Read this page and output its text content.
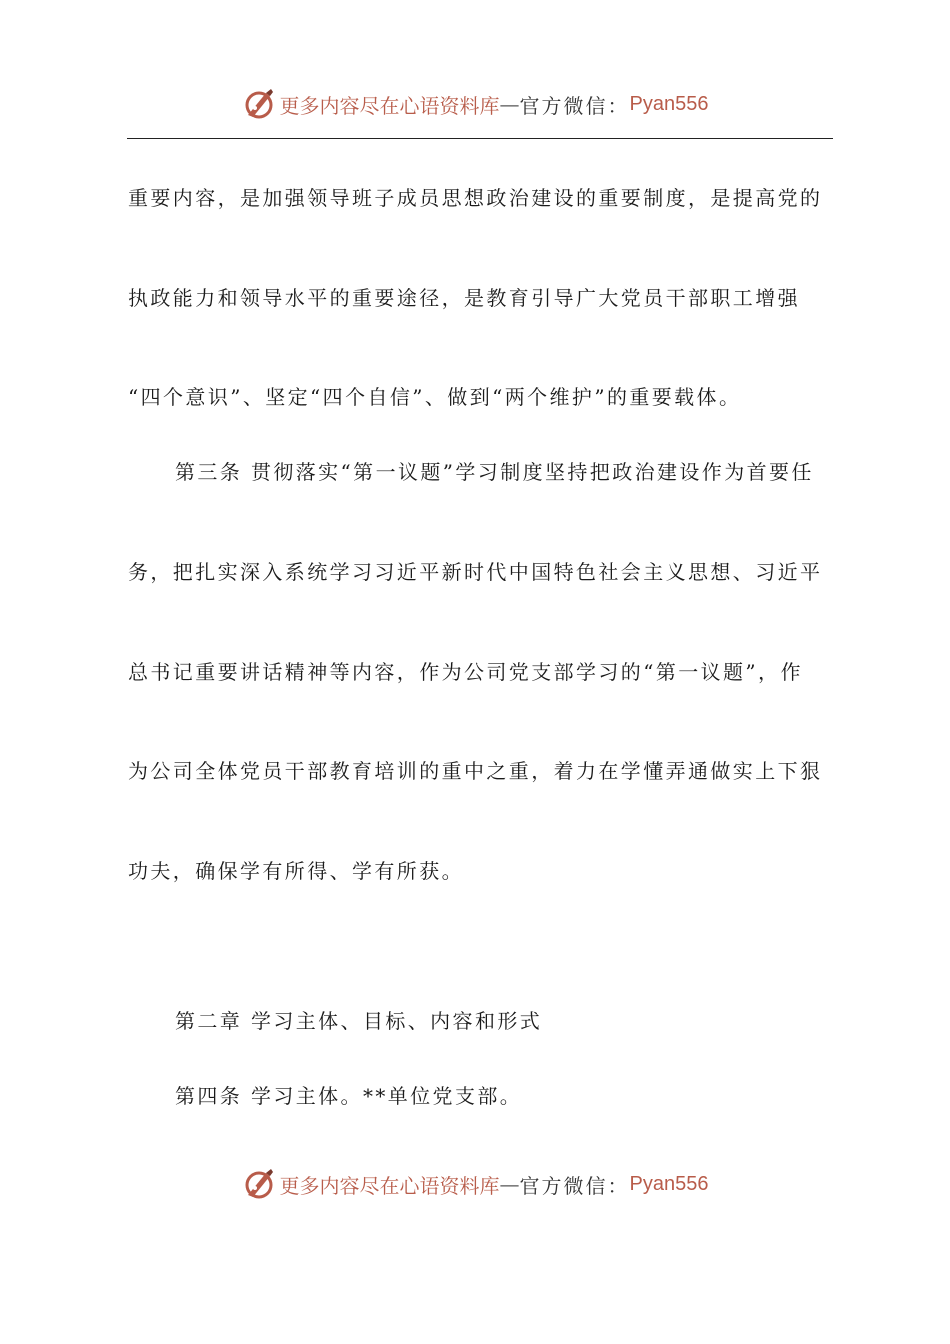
更多内容尽在心语资料库 — 官方微信： Pyan556
重要内容，是加强领导班子成员思想政治建设的重要制度，是提高党的
执政能力和领导水平的重要途径，是教育引导广大党员干部职工增强
“四个意识”、坚定“四个自信”、做到“两个维护”的重要载体。
第三条 贯彻落实“第一议题”学习制度坚持把政治建设作为首要任
务，把扎实深入系统学习习近平新时代中国特色社会主义思想、习近平
总书记重要讲话精神等内容，作为公司党支部学习的“第一议题”，作
为公司全体党员干部教育培训的重中之重，着力在学懂弄通做实上下狠
功夫，确保学有所得、学有所获。
第二章 学习主体、目标、内容和形式
第四条 学习主体。**单位党支部。
更多内容尽在心语资料库 — 官方微信： Pyan556
